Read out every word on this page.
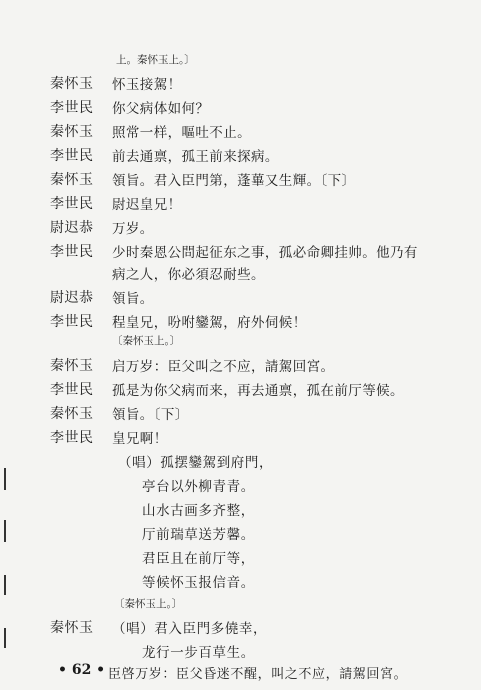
上。秦怀玉上。〕
秦怀玉	怀玉接駕！
李世民	你父病体如何？
秦怀玉	照常一样，嘔吐不止。
李世民	前去通禀，孤王前来探病。
秦怀玉	領旨。君入臣門第，蓬蓽又生輝。〔下〕
李世民	尉迟皇兄！
尉迟恭	万岁。
李世民	少时秦恩公問起征东之事，孤必命卿挂帅。他乃有
病之人，你必須忍耐些。
尉迟恭	領旨。
李世民	程皇兄，吩咐鑾駕，府外伺候！
〔秦怀玉上。〕
秦怀玉	启万岁：臣父叫之不应，請駕回宮。
李世民	孤是为你父病而来，再去通禀，孤在前厅等候。
秦怀玉	領旨。〔下〕
李世民	皇兄啊！
（唱）孤摆鑾駕到府門，
亭台以外柳青青。
山水古画多齐整，
厅前瑞草送芳馨。
君臣且在前厅等，
等候怀玉报信音。
〔秦怀玉上。〕
秦怀玉	（唱）君入臣門多僥幸，
龙行一步百草生。
臣啓万岁：臣父昏迷不醒，叫之不应，請駕回宮。
• 62 •
